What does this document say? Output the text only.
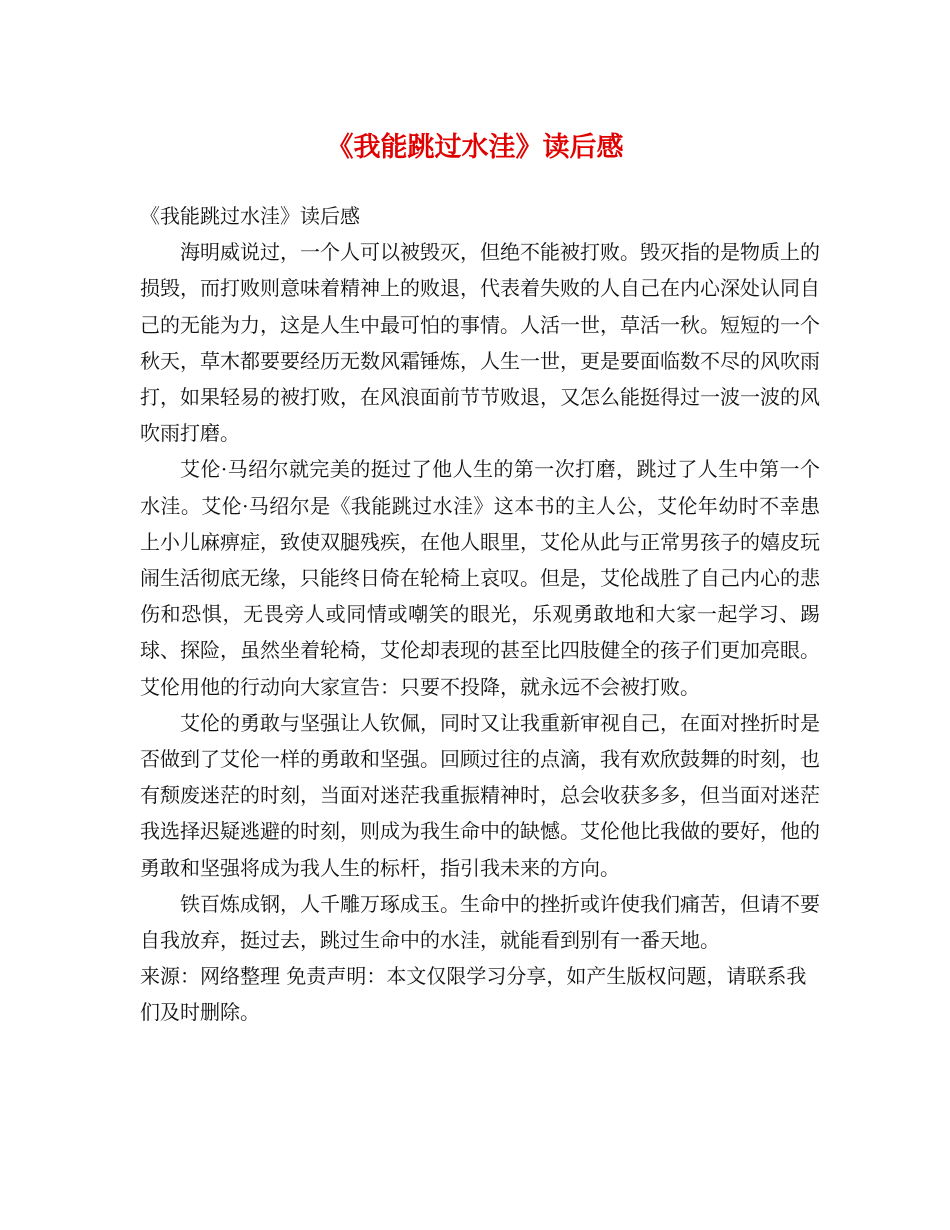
《我能跳过水洼》读后感

《我能跳过水洼》读后感

海明威说过，一个人可以被毁灭，但绝不能被打败。毁灭指的是物质上的损毁，而打败则意味着精神上的败退，代表着失败的人自己在内心深处认同自己的无能为力，这是人生中最可怕的事情。人活一世，草活一秋。短短的一个秋天，草木都要要经历无数风霜锤炼，人生一世，更是要面临数不尽的风吹雨打，如果轻易的被打败，在风浪面前节节败退，又怎么能挺得过一波一波的风吹雨打磨。

艾伦·马绍尔就完美的挺过了他人生的第一次打磨，跳过了人生中第一个水洼。艾伦·马绍尔是《我能跳过水洼》这本书的主人公，艾伦年幼时不幸患上小儿麻痹症，致使双腿残疾，在他人眼里，艾伦从此与正常男孩子的嬉皮玩闹生活彻底无缘，只能终日倚在轮椅上哀叹。但是，艾伦战胜了自己内心的悲伤和恐惧，无畏旁人或同情或嘲笑的眼光，乐观勇敢地和大家一起学习、踢球、探险，虽然坐着轮椅，艾伦却表现的甚至比四肢健全的孩子们更加亮眼。艾伦用他的行动向大家宣告：只要不投降，就永远不会被打败。

艾伦的勇敢与坚强让人钦佩，同时又让我重新审视自己，在面对挫折时是否做到了艾伦一样的勇敢和坚强。回顾过往的点滴，我有欢欣鼓舞的时刻，也有颓废迷茫的时刻，当面对迷茫我重振精神时，总会收获多多，但当面对迷茫我选择迟疑逃避的时刻，则成为我生命中的缺憾。艾伦他比我做的要好，他的勇敢和坚强将成为我人生的标杆，指引我未来的方向。

铁百炼成钢，人千雕万琢成玉。生命中的挫折或许使我们痛苦，但请不要自我放弃，挺过去，跳过生命中的水洼，就能看到别有一番天地。

来源：网络整理 免责声明：本文仅限学习分享，如产生版权问题，请联系我们及时删除。
